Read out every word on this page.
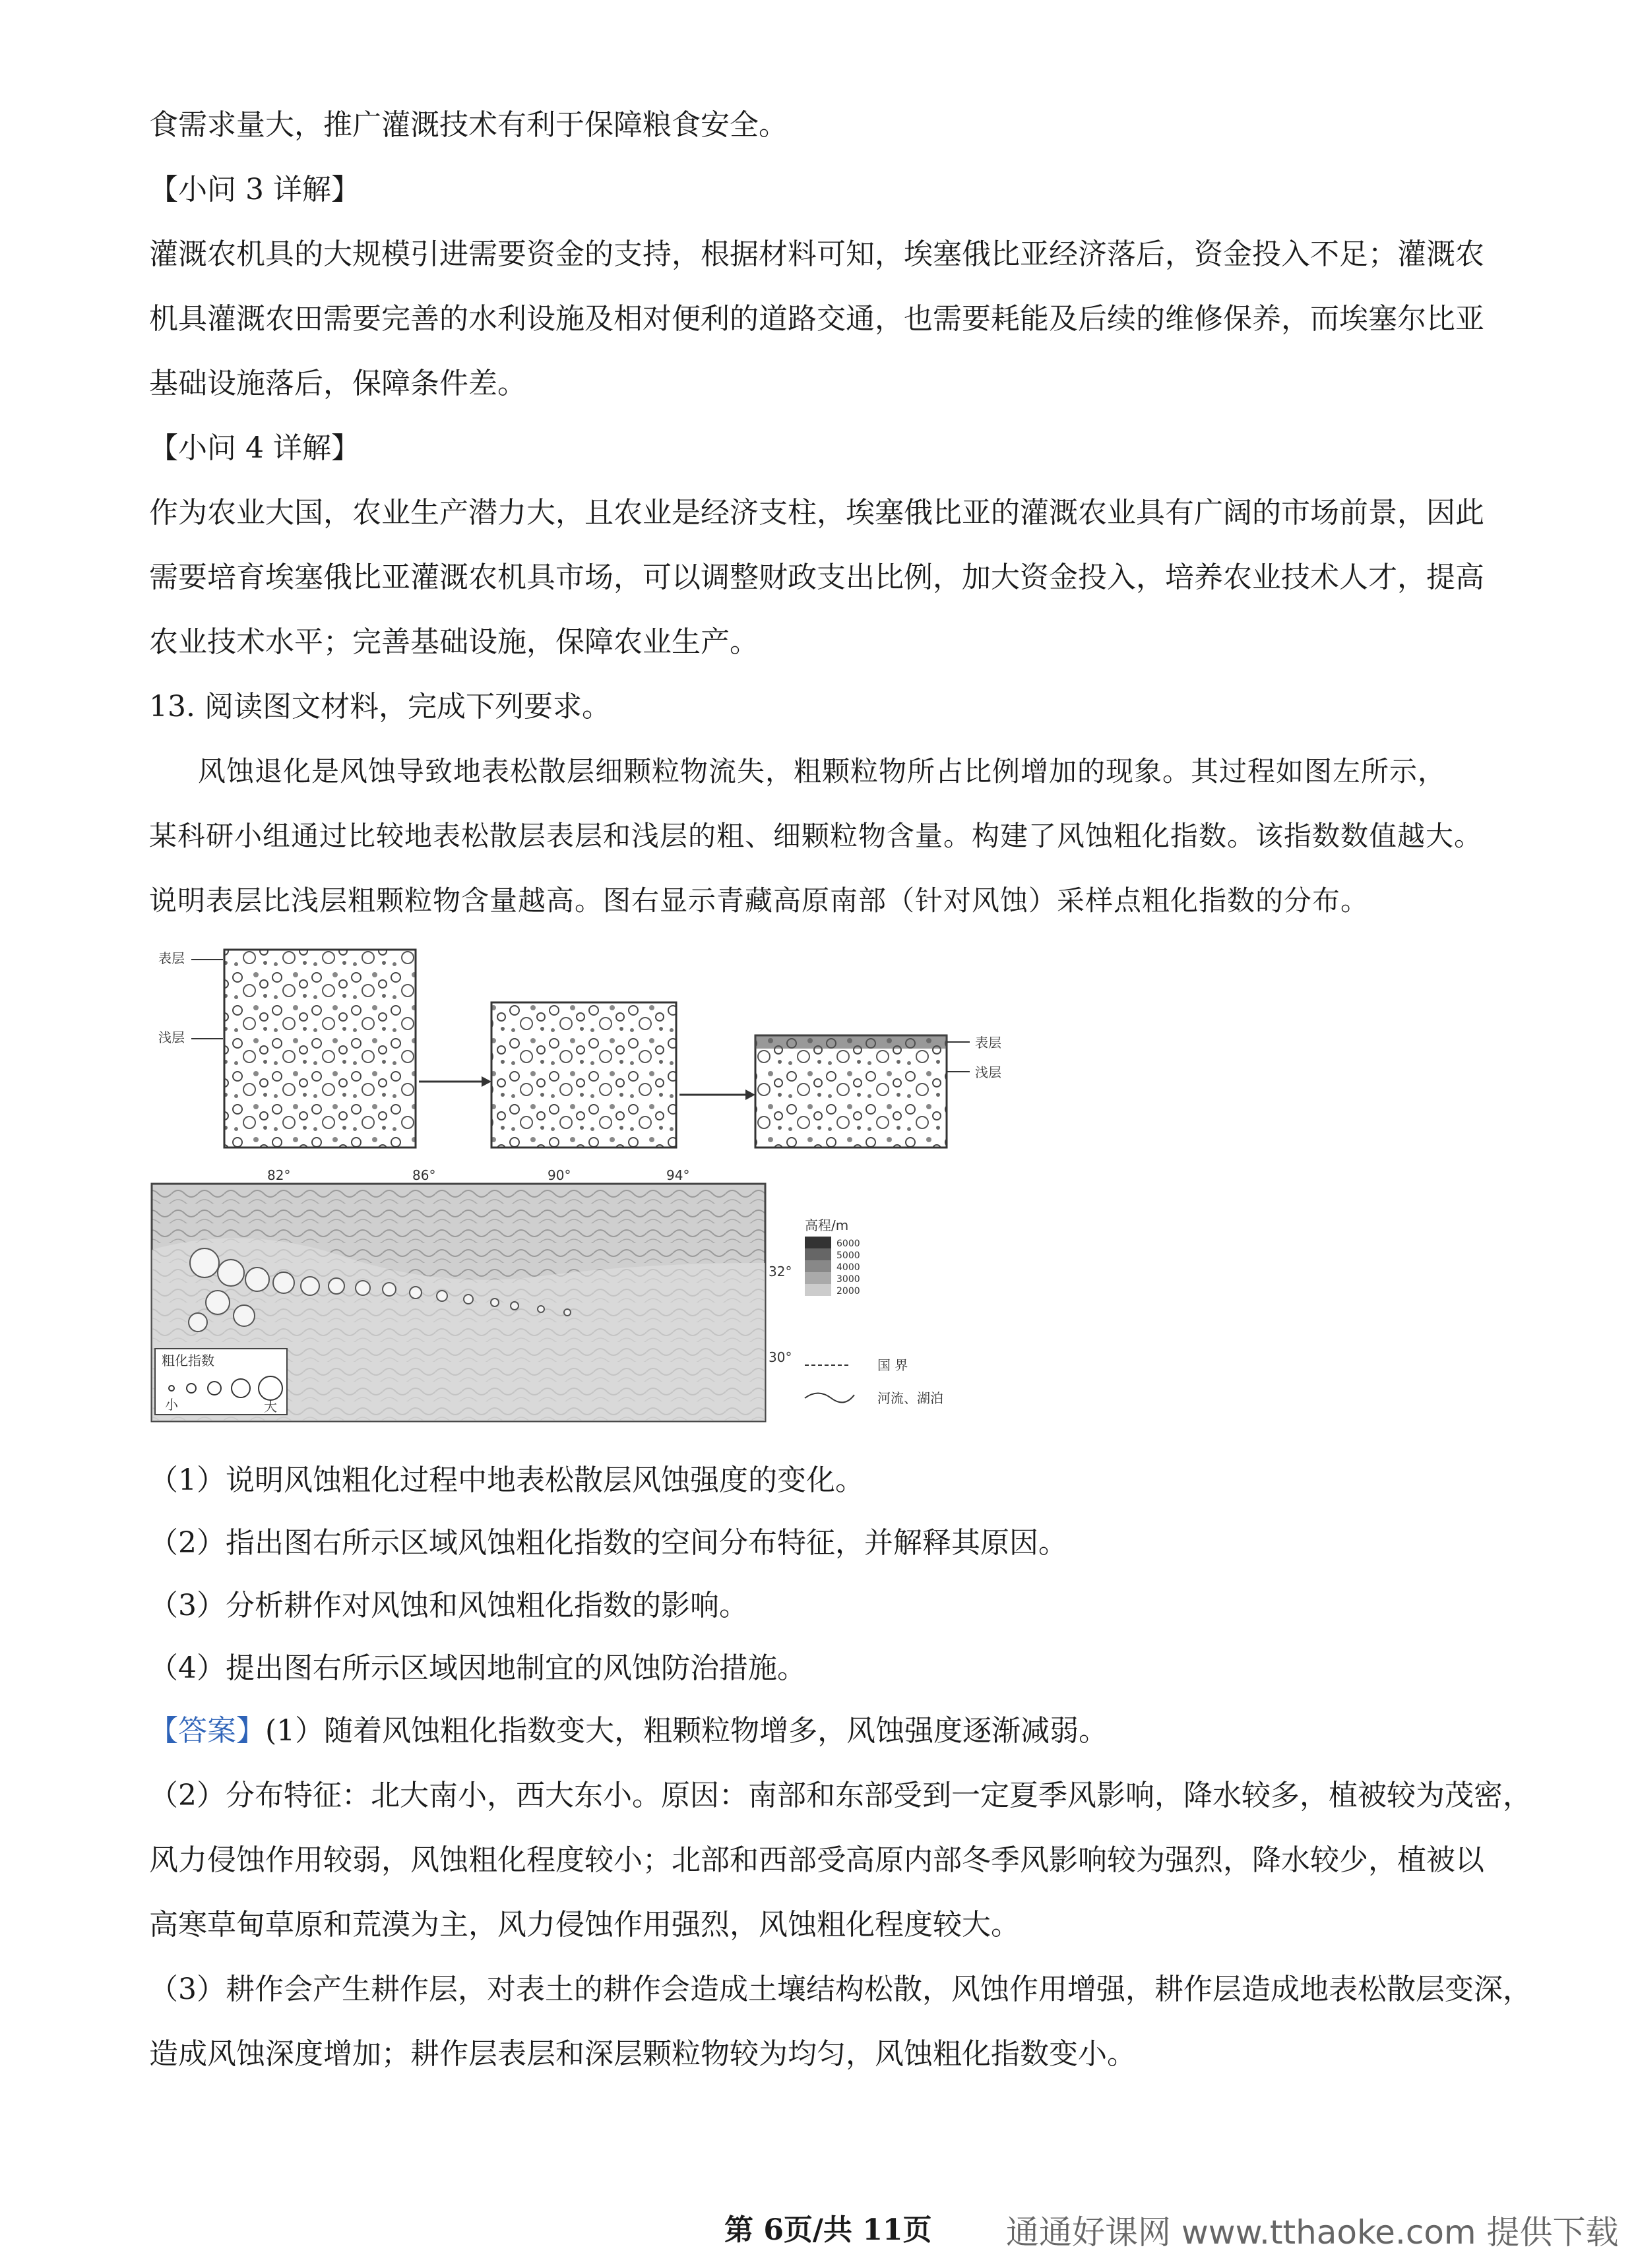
食需求量大，推广灌溉技术有利于保障粮食安全。
【小问 3 详解】
灌溉农机具的大规模引进需要资金的支持，根据材料可知，埃塞俄比亚经济落后，资金投入不足；灌溉农
机具灌溉农田需要完善的水利设施及相对便利的道路交通，也需要耗能及后续的维修保养，而埃塞尔比亚
基础设施落后，保障条件差。
【小问 4 详解】
作为农业大国，农业生产潜力大，且农业是经济支柱，埃塞俄比亚的灌溉农业具有广阔的市场前景，因此
需要培育埃塞俄比亚灌溉农机具市场，可以调整财政支出比例，加大资金投入，培养农业技术人才，提高
农业技术水平；完善基础设施，保障农业生产。
13. 阅读图文材料，完成下列要求。
风蚀退化是风蚀导致地表松散层细颗粒物流失，粗颗粒物所占比例增加的现象。其过程如图左所示，
某科研小组通过比较地表松散层表层和浅层的粗、细颗粒物含量。构建了风蚀粗化指数。该指数数值越大。
说明表层比浅层粗颗粒物含量越高。图右显示青藏高原南部（针对风蚀）采样点粗化指数的分布。
表层
浅层	表层
浅层
82°	86°	90°	94°
32°
30°
粗化指数
小	大
高程/m
6000
5000
4000
3000
2000
国 界
河流、湖泊
（1）说明风蚀粗化过程中地表松散层风蚀强度的变化。
（2）指出图右所示区域风蚀粗化指数的空间分布特征，并解释其原因。
（3）分析耕作对风蚀和风蚀粗化指数的影响。
（4）提出图右所示区域因地制宜的风蚀防治措施。
【答案】(1）随着风蚀粗化指数变大，粗颗粒物增多，风蚀强度逐渐减弱。
（2）分布特征：北大南小，西大东小。原因：南部和东部受到一定夏季风影响，降水较多，植被较为茂密，
风力侵蚀作用较弱，风蚀粗化程度较小；北部和西部受高原内部冬季风影响较为强烈，降水较少，植被以
高寒草甸草原和荒漠为主，风力侵蚀作用强烈，风蚀粗化程度较大。
（3）耕作会产生耕作层，对表土的耕作会造成土壤结构松散，风蚀作用增强，耕作层造成地表松散层变深，
造成风蚀深度增加；耕作层表层和深层颗粒物较为均匀，风蚀粗化指数变小。
第 6页/共 11页 通通好课网 www.tthaoke.com 提供下载
